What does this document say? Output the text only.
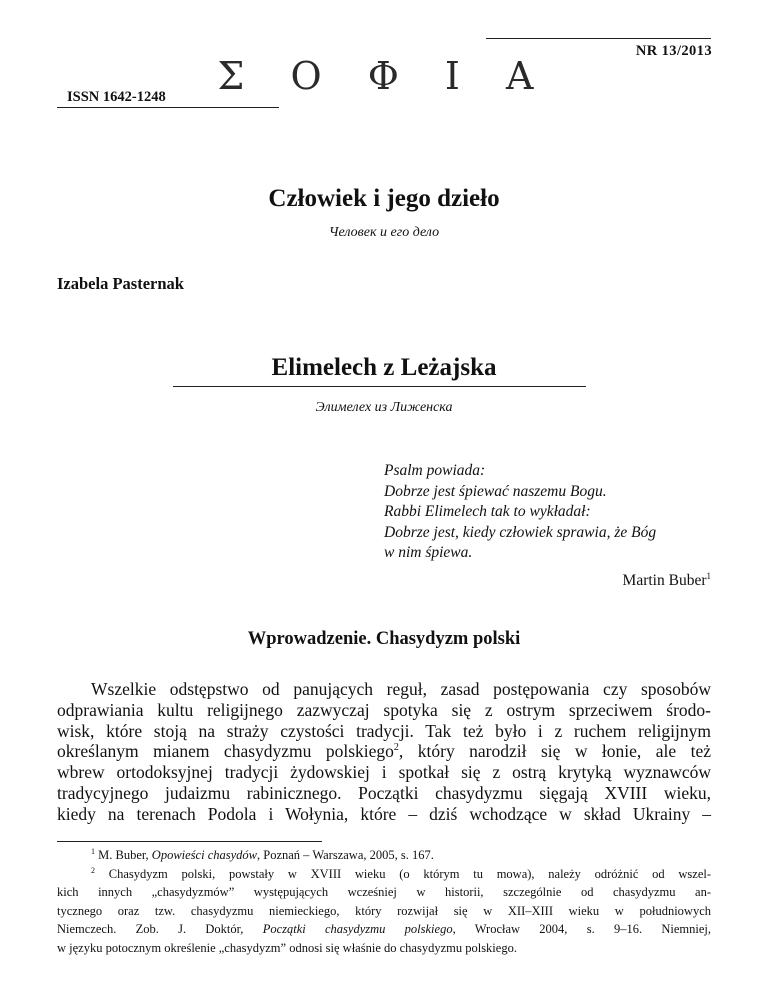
NR 13/2013
Σ Ο Φ Ι Α
ISSN 1642-1248
Człowiek i jego dzieło
Человек и его дело
Izabela Pasternak
Elimelech z Leżajska
Элимелех из Лиженска
Psalm powiada:
Dobrze jest śpiewać naszemu Bogu.
Rabbi Elimelech tak to wykładał:
Dobrze jest, kiedy człowiek sprawia, że Bóg
w nim śpiewa.
Martin Buber$^1$
Wprowadzenie. Chasydyzm polski
Wszelkie odstępstwo od panujących reguł, zasad postępowania czy sposobów
odprawiania kultu religijnego zazwyczaj spotyka się z ostrym sprzeciwem środo-
wisk, które stoją na straży czystości tradycji. Tak też było i z ruchem religijnym
określanym mianem chasydyzmu polskiego$^2$, który narodził się w łonie, ale też
wbrew ortodoksyjnej tradycji żydowskiej i spotkał się z ostrą krytyką wyznawców
tradycyjnego judaizmu rabinicznego. Początki chasydyzmu sięgają XVIII wieku,
kiedy na terenach Podola i Wołynia, które – dziś wchodzące w skład Ukrainy –
$^1$ M. Buber, Opowieści chasydów, Poznań – Warszawa, 2005, s. 167.
$^2$ Chasydyzm polski, powstały w XVIII wieku (o którym tu mowa), należy odróżnić od wszel-
kich innych „chasydyzmów” występujących wcześniej w historii, szczególnie od chasydyzmu an-
tycznego oraz tzw. chasydyzmu niemieckiego, który rozwijał się w XII–XIII wieku w południowych
Niemczech. Zob. J. Doktór, Początki chasydyzmu polskiego, Wrocław 2004, s. 9–16. Niemniej,
w języku potocznym określenie „chasydyzm” odnosi się właśnie do chasydyzmu polskiego.
